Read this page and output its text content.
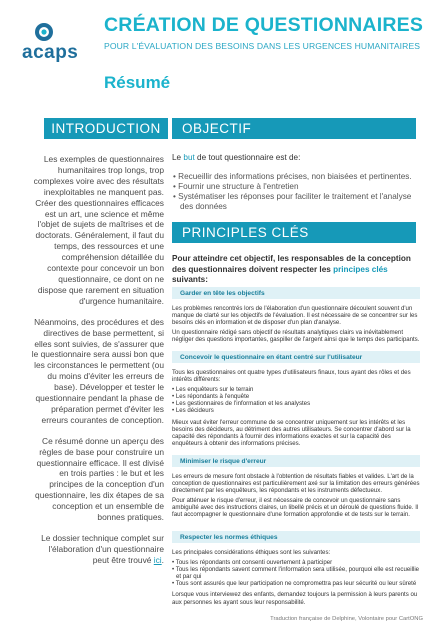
acaps
CRÉATION DE QUESTIONNAIRES
POUR L'ÉVALUATION DES BESOINS DANS LES URGENCES HUMANITAIRES
Résumé
INTRODUCTION	OBJECTIF
PRINCIPLES CLÉS

Les exemples de questionnaires humanitaires trop longs, trop complexes voire avec des résultats inexploitables ne manquent pas. Créer des questionnaires efficaces est un art, une science et même l'objet de sujets de maîtrises et de doctorats. Généralement, il faut du temps, des ressources et une compréhension détaillée du contexte pour concevoir un bon questionnaire, ce dont on ne dispose que rarement en situation d'urgence humanitaire.

Néanmoins, des procédures et des directives de base permettent, si elles sont suivies, de s'assurer que le questionnaire sera aussi bon que les circonstances le permettent (ou du moins d'éviter les erreurs de base). Développer et tester le questionnaire pendant la phase de préparation permet d'éviter les erreurs courantes de conception.

Ce résumé donne un aperçu des règles de base pour construire un questionnaire efficace. Il est divisé en trois parties : le but et les principes de la conception d'un questionnaire, les dix étapes de sa conception et un ensemble de bonnes pratiques.

Le dossier technique complet sur l'élaboration d'un questionnaire peut être trouvé ici.

Le but de tout questionnaire est de:
• Recueillir des informations précises, non biaisées et pertinentes.
• Fournir une structure à l'entretien
• Systématiser les réponses pour faciliter le traitement et l'analyse des données
Pour atteindre cet objectif, les responsables de la conception des questionnaires doivent respecter les principes clés suivants:
Garder en tête les objectifs

Les problèmes rencontrés lors de l'élaboration d'un questionnaire découlent souvent d'un manque de clarté sur les objectifs de l'évaluation. Il est nécessaire de se concentrer sur les besoins clés en information et de disposer d'un plan d'analyse.

Un questionnaire rédigé sans objectif de résultats analytiques clairs va inévitablement négliger des questions importantes, gaspiller de l'argent ainsi que le temps des participants.

Concevoir le questionnaire en étant centré sur l'utilisateur

Tous les questionnaires ont quatre types d'utilisateurs finaux, tous ayant des rôles et des intérêts différents:

• Les enquêteurs sur le terrain
• Les répondants à l'enquête
• Les gestionnaires de l'information et les analystes
• Les décideurs

Mieux vaut éviter l'erreur commune de se concentrer uniquement sur les intérêts et les besoins des décideurs, au détriment des autres utilisateurs. Se concentrer d'abord sur la capacité des répondants à fournir des informations exactes et sur la capacité des enquêteurs à obtenir des informations précises.

Minimiser le risque d'erreur

Les erreurs de mesure font obstacle à l'obtention de résultats fiables et valides. L'art de la conception de questionnaires est particulièrement axé sur la limitation des erreurs générées directement par les enquêteurs, les répondants et les instruments défectueux.

Pour atténuer le risque d'erreur, il est nécessaire de concevoir un questionnaire sans ambiguïté avec des instructions claires, un libellé précis et un déroulé de questions fluide. Il faut accompagner le questionnaire d'une formation approfondie et de tests sur le terrain.

Respecter les normes éthiques

Les principales considérations éthiques sont les suivantes:

• Tous les répondants ont consenti ouvertement à participer
• Tous les répondants savent comment l'information sera utilisée, pourquoi elle est recueillie et par qui
• Tous sont assurés que leur participation ne compromettra pas leur sécurité ou leur sûreté

Lorsque vous interviewez des enfants, demandez toujours la permission à leurs parents ou aux personnes les ayant sous leur responsabilité.

Traduction française de Delphine, Volontaire pour CartONG
